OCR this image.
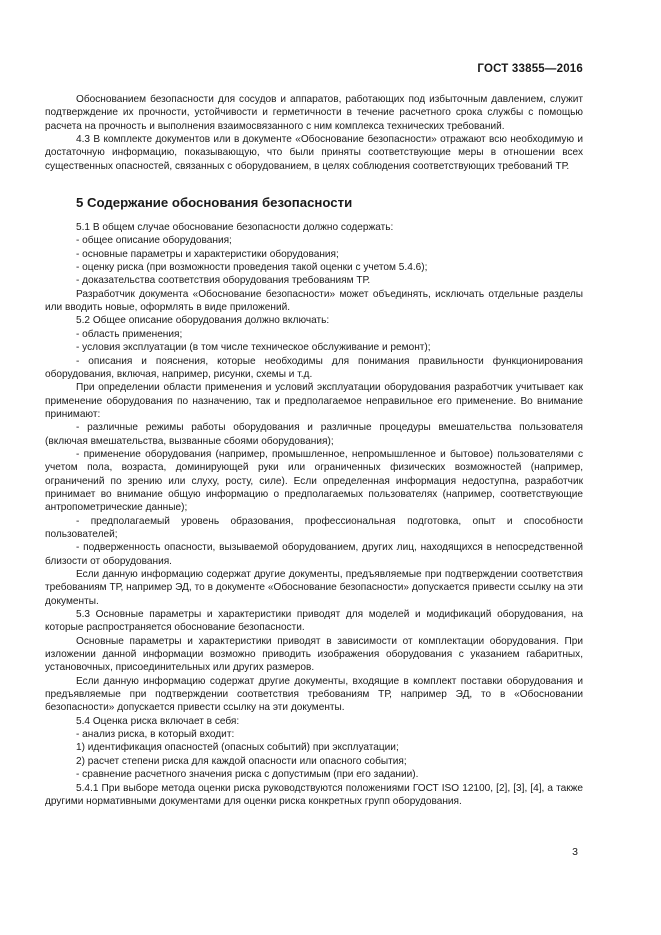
ГОСТ 33855—2016

Обоснованием безопасности для сосудов и аппаратов, работающих под избыточным давлением, служит подтверждение их прочности, устойчивости и герметичности в течение расчетного срока службы с помощью расчета на прочность и выполнения взаимосвязанного с ним комплекса технических требований.

4.3 В комплекте документов или в документе «Обоснование безопасности» отражают всю необходимую и достаточную информацию, показывающую, что были приняты соответствующие меры в отношении всех существенных опасностей, связанных с оборудованием, в целях соблюдения соответствующих требований ТР.

5 Содержание обоснования безопасности

5.1 В общем случае обоснование безопасности должно содержать:

- общее описание оборудования;

- основные параметры и характеристики оборудования;

- оценку риска (при возможности проведения такой оценки с учетом 5.4.6);

- доказательства соответствия оборудования требованиям ТР.

Разработчик документа «Обоснование безопасности» может объединять, исключать отдельные разделы или вводить новые, оформлять в виде приложений.

5.2 Общее описание оборудования должно включать:

- область применения;

- условия эксплуатации (в том числе техническое обслуживание и ремонт);

- описания и пояснения, которые необходимы для понимания правильности функционирования оборудования, включая, например, рисунки, схемы и т.д.

При определении области применения и условий эксплуатации оборудования разработчик учитывает как применение оборудования по назначению, так и предполагаемое неправильное его применение. Во внимание принимают:

- различные режимы работы оборудования и различные процедуры вмешательства пользователя (включая вмешательства, вызванные сбоями оборудования);

- применение оборудования (например, промышленное, непромышленное и бытовое) пользователями с учетом пола, возраста, доминирующей руки или ограниченных физических возможностей (например, ограничений по зрению или слуху, росту, силе). Если определенная информация недоступна, разработчик принимает во внимание общую информацию о предполагаемых пользователях (например, соответствующие антропометрические данные);

- предполагаемый уровень образования, профессиональная подготовка, опыт и способности пользователей;

- подверженность опасности, вызываемой оборудованием, других лиц, находящихся в непосредственной близости от оборудования.

Если данную информацию содержат другие документы, предъявляемые при подтверждении соответствия требованиям ТР, например ЭД, то в документе «Обоснование безопасности» допускается привести ссылку на эти документы.

5.3 Основные параметры и характеристики приводят для моделей и модификаций оборудования, на которые распространяется обоснование безопасности.

Основные параметры и характеристики приводят в зависимости от комплектации оборудования. При изложении данной информации возможно приводить изображения оборудования с указанием габаритных, установочных, присоединительных или других размеров.

Если данную информацию содержат другие документы, входящие в комплект поставки оборудования и предъявляемые при подтверждении соответствия требованиям ТР, например ЭД, то в «Обосновании безопасности» допускается привести ссылку на эти документы.

5.4 Оценка риска включает в себя:

- анализ риска, в который входит:

1) идентификация опасностей (опасных событий) при эксплуатации;

2) расчет степени риска для каждой опасности или опасного события;

- сравнение расчетного значения риска с допустимым (при его задании).

5.4.1 При выборе метода оценки риска руководствуются положениями ГОСТ ISO 12100, [2], [3], [4], а также другими нормативными документами для оценки риска конкретных групп оборудования.

3
